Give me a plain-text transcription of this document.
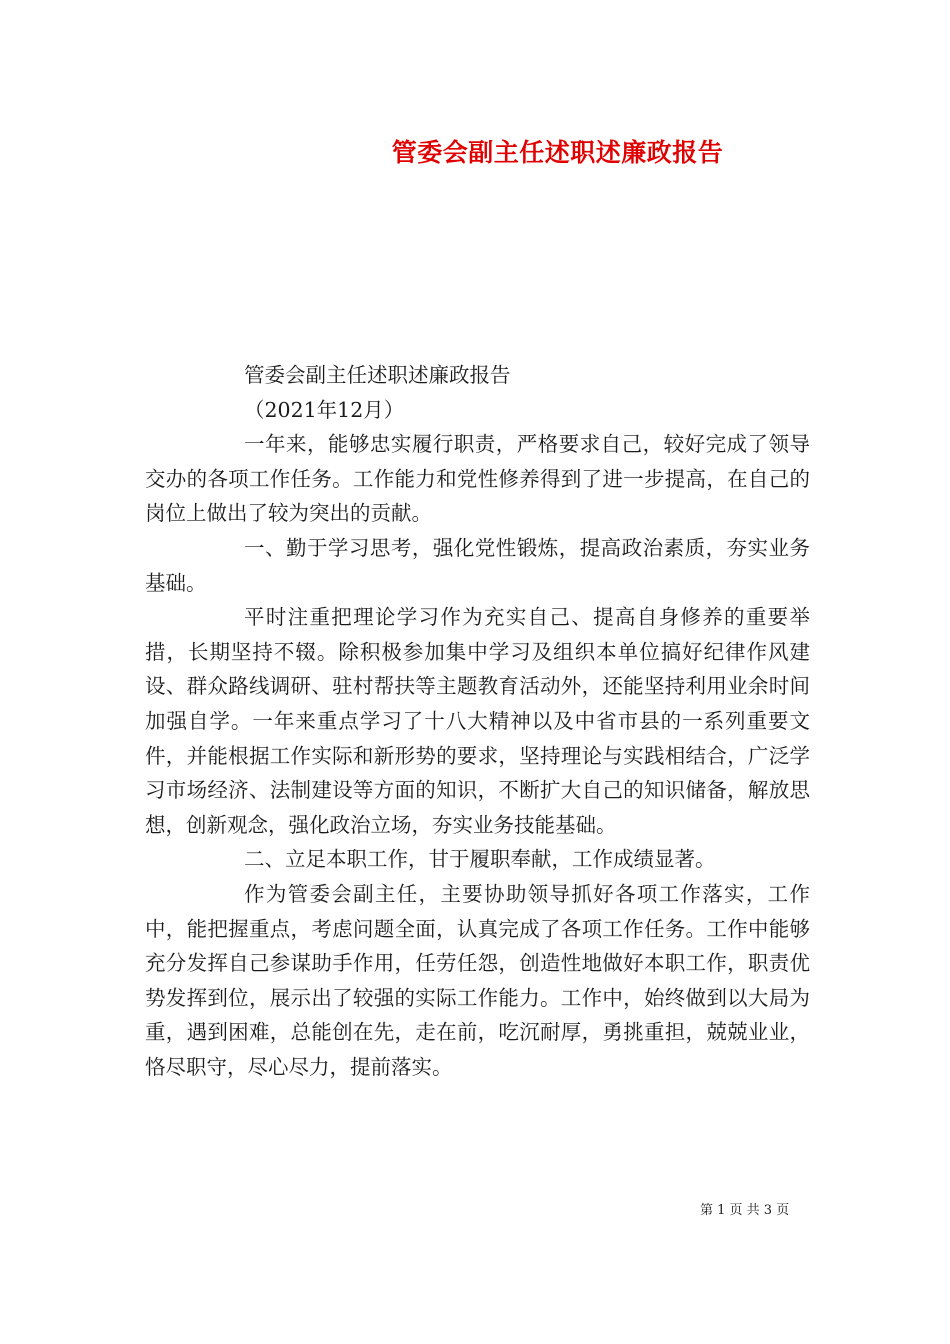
管委会副主任述职述廉政报告

管委会副主任述职述廉政报告

（2021年12月）

一年来，能够忠实履行职责，严格要求自己，较好完成了领导交办的各项工作任务。工作能力和党性修养得到了进一步提高，在自己的岗位上做出了较为突出的贡献。

一、勤于学习思考，强化党性锻炼，提高政治素质，夯实业务基础。

平时注重把理论学习作为充实自己、提高自身修养的重要举措，长期坚持不辍。除积极参加集中学习及组织本单位搞好纪律作风建设、群众路线调研、驻村帮扶等主题教育活动外，还能坚持利用业余时间加强自学。一年来重点学习了十八大精神以及中省市县的一系列重要文件，并能根据工作实际和新形势的要求，坚持理论与实践相结合，广泛学习市场经济、法制建设等方面的知识，不断扩大自己的知识储备，解放思想，创新观念，强化政治立场，夯实业务技能基础。

二、立足本职工作，甘于履职奉献，工作成绩显著。

作为管委会副主任，主要协助领导抓好各项工作落实，工作中，能把握重点，考虑问题全面，认真完成了各项工作任务。工作中能够充分发挥自己参谋助手作用，任劳任怨，创造性地做好本职工作，职责优势发挥到位，展示出了较强的实际工作能力。工作中，始终做到以大局为重，遇到困难，总能创在先，走在前，吃沉耐厚，勇挑重担，兢兢业业，恪尽职守，尽心尽力，提前落实。

第 1 页 共 3 页
